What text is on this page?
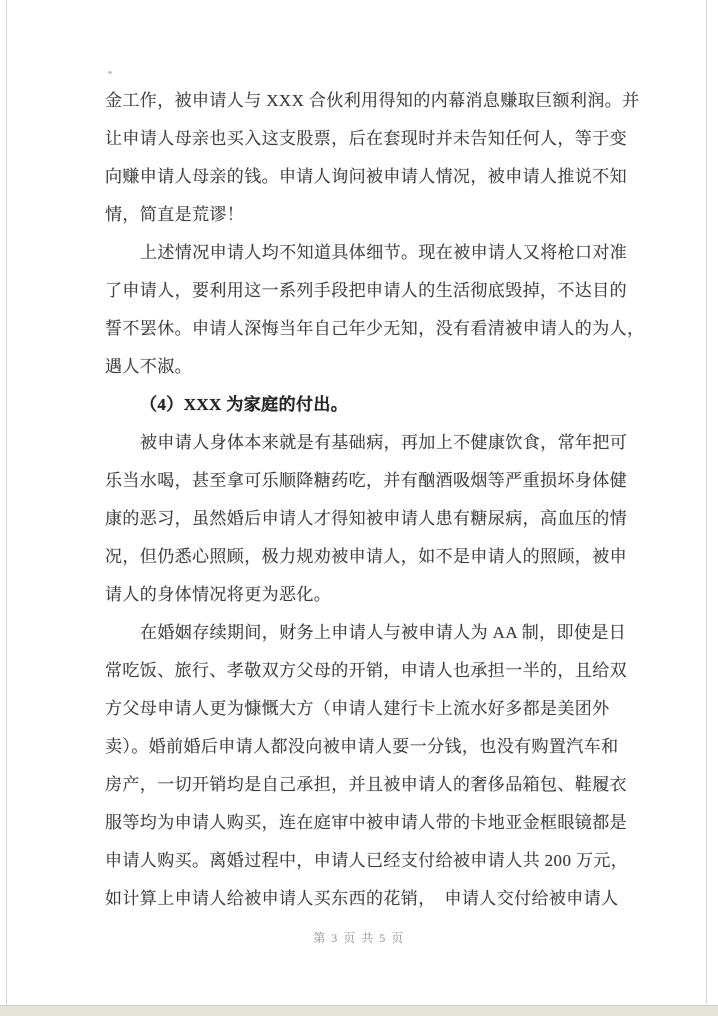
金工作，被申请人与 XXX 合伙利用得知的内幕消息赚取巨额利润。并
让申请人母亲也买入这支股票，后在套现时并未告知任何人，等于变
向赚申请人母亲的钱。申请人询问被申请人情况，被申请人推说不知
情，简直是荒谬！
上述情况申请人均不知道具体细节。现在被申请人又将枪口对准
了申请人，要利用这一系列手段把申请人的生活彻底毁掉，不达目的
誓不罢休。申请人深悔当年自己年少无知，没有看清被申请人的为人，
遇人不淑。
（4）XXX 为家庭的付出。
被申请人身体本来就是有基础病，再加上不健康饮食，常年把可
乐当水喝，甚至拿可乐顺降糖药吃，并有酗酒吸烟等严重损坏身体健
康的恶习，虽然婚后申请人才得知被申请人患有糖尿病，高血压的情
况，但仍悉心照顾，极力规劝被申请人，如不是申请人的照顾，被申
请人的身体情况将更为恶化。
在婚姻存续期间，财务上申请人与被申请人为 AA 制，即使是日
常吃饭、旅行、孝敬双方父母的开销，申请人也承担一半的，且给双
方父母申请人更为慷慨大方（申请人建行卡上流水好多都是美团外
卖）。婚前婚后申请人都没向被申请人要一分钱，也没有购置汽车和
房产，一切开销均是自己承担，并且被申请人的奢侈品箱包、鞋履衣
服等均为申请人购买，连在庭审中被申请人带的卡地亚金框眼镜都是
申请人购买。离婚过程中，申请人已经支付给被申请人共 200 万元，
如计算上申请人给被申请人买东西的花销，　申请人交付给被申请人
第 3 页 共 5 页
